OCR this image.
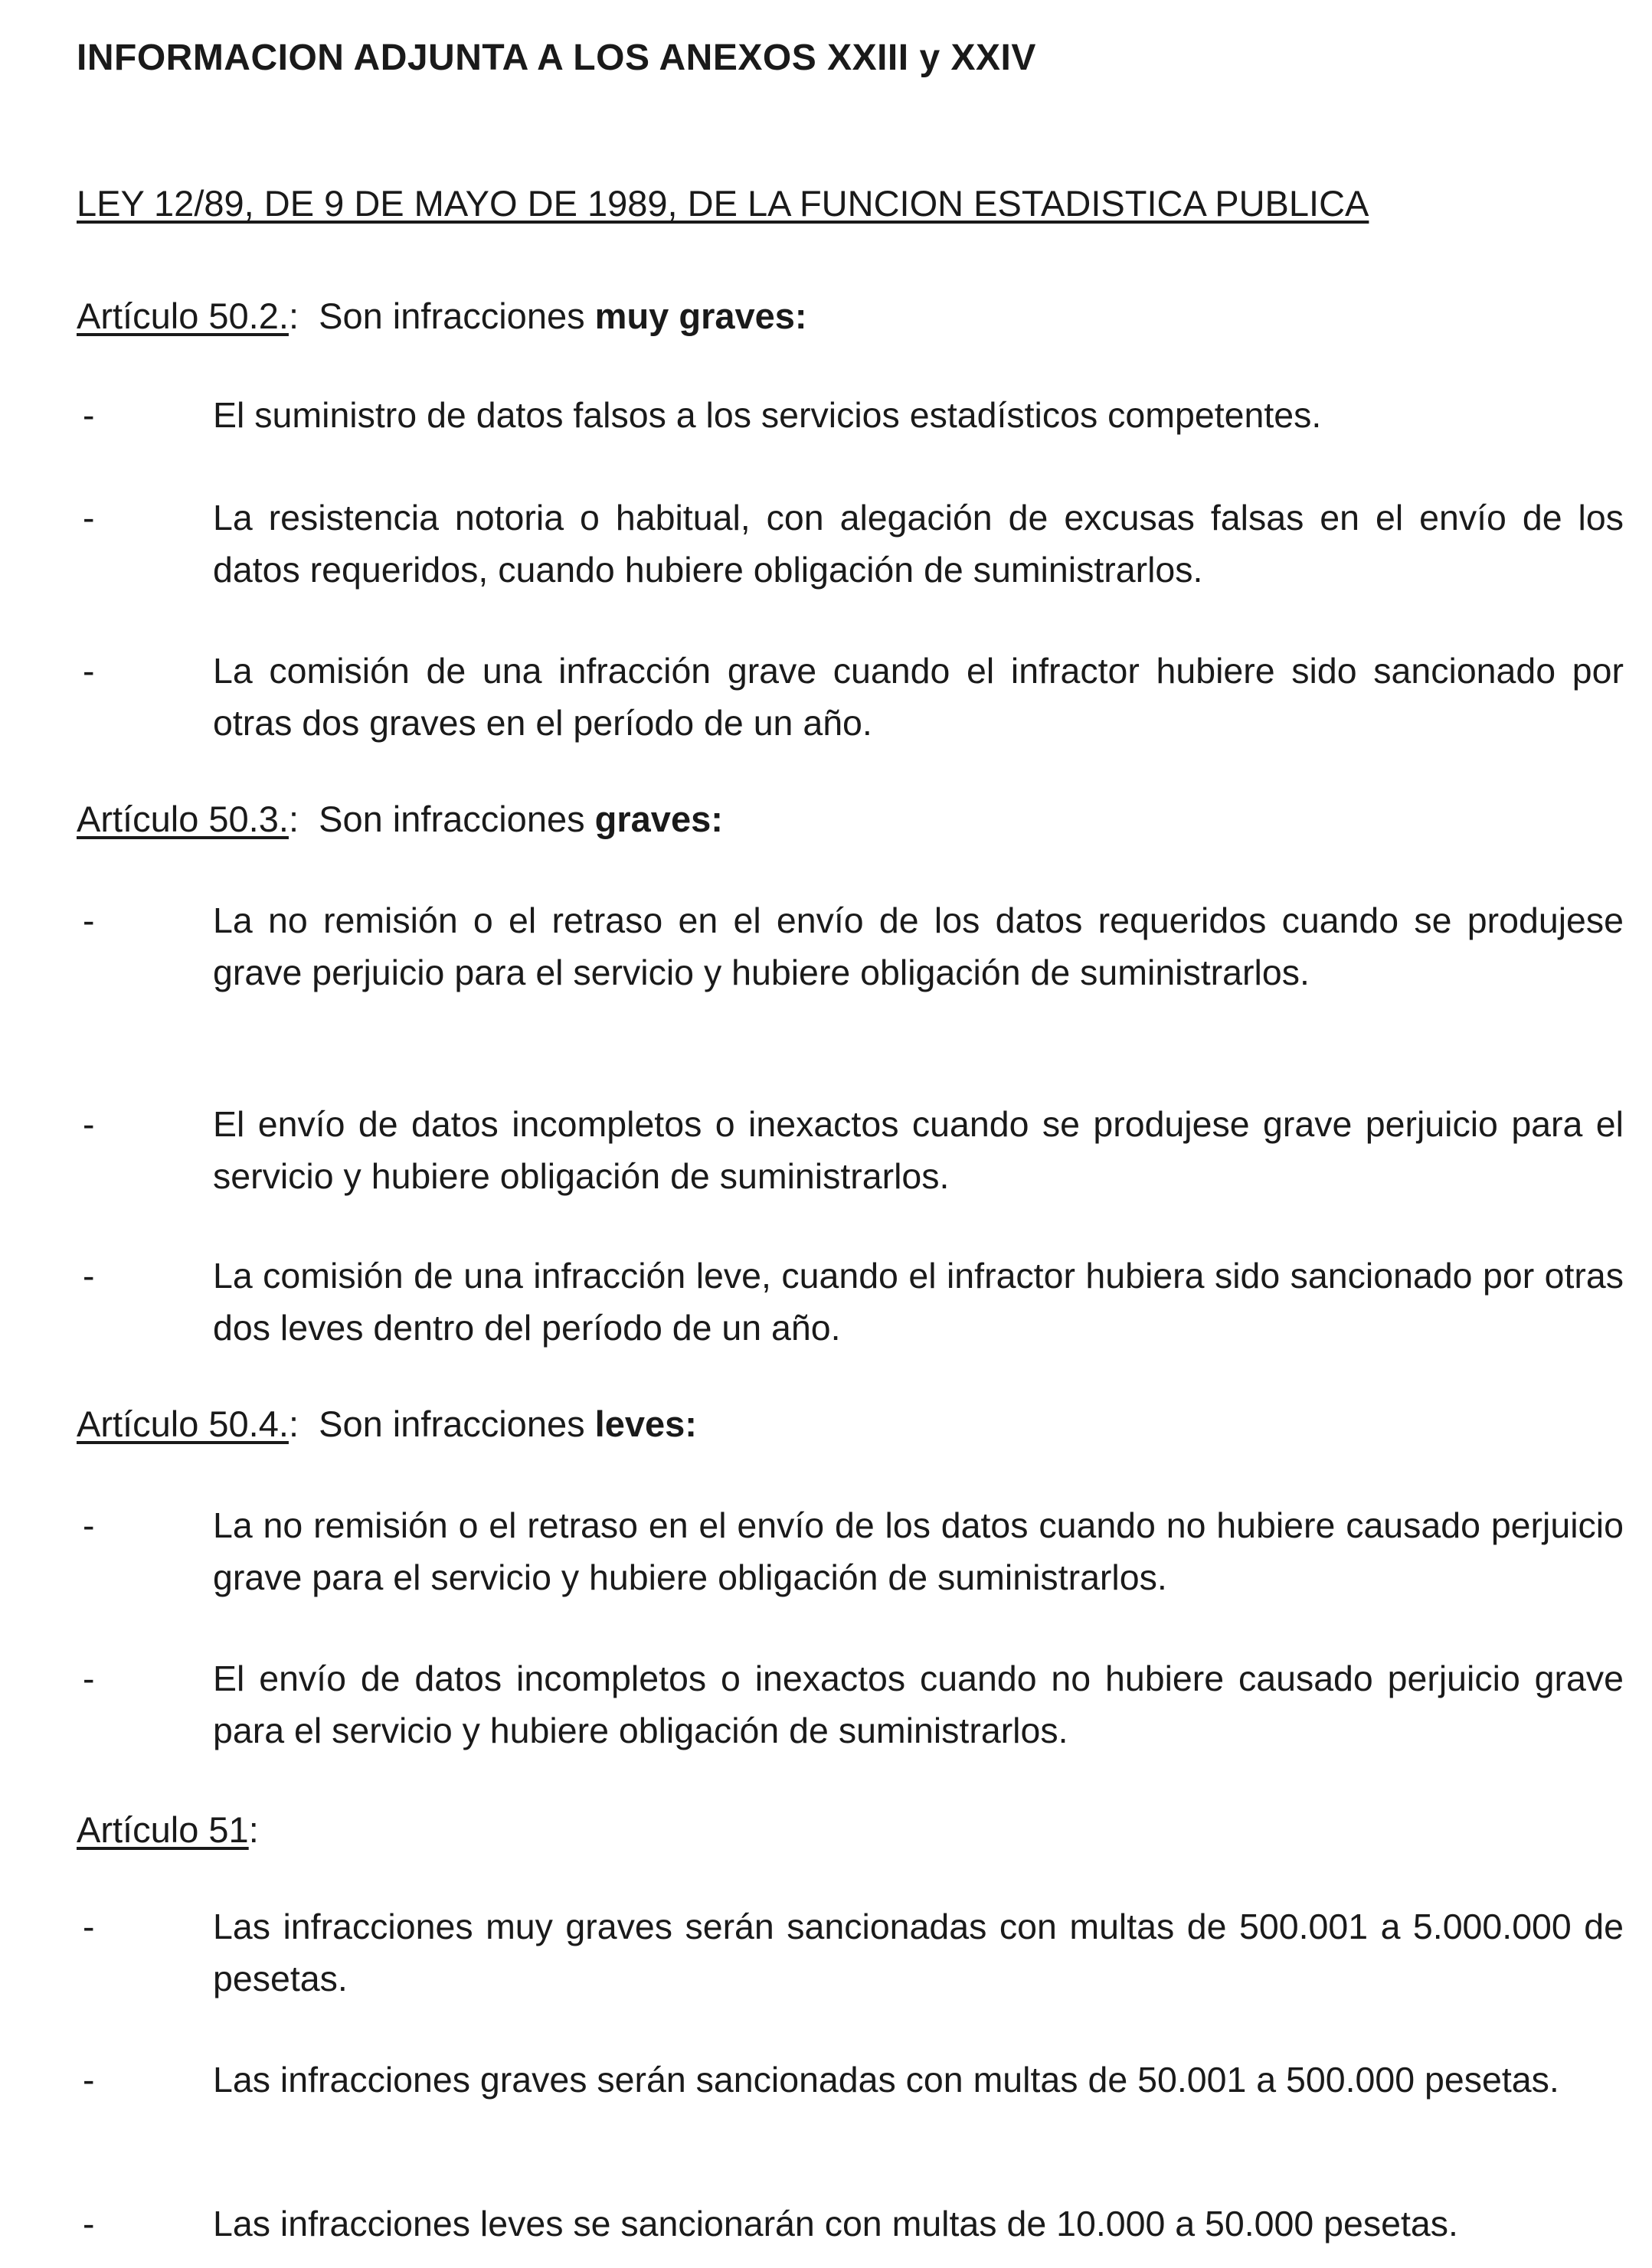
INFORMACION ADJUNTA A LOS ANEXOS XXIII y XXIV
LEY 12/89, DE 9 DE MAYO DE 1989, DE LA FUNCION ESTADISTICA PUBLICA

Artículo 50.2.: Son infracciones muy graves:

-	El suministro de datos falsos a los servicios estadísticos competentes.
-	La resistencia notoria o habitual, con alegación de excusas falsas en el envío de los datos requeridos, cuando hubiere obligación de suministrarlos.
-	La comisión de una infracción grave cuando el infractor hubiere sido sancionado por otras dos graves en el período de un año.

Artículo 50.3.: Son infracciones graves:

-	La no remisión o el retraso en el envío de los datos requeridos cuando se produjese grave perjuicio para el servicio y hubiere obligación de suministrarlos.
-	El envío de datos incompletos o inexactos cuando se produjese grave perjuicio para el servicio y hubiere obligación de suministrarlos.
-	La comisión de una infracción leve, cuando el infractor hubiera sido sancionado por otras dos leves dentro del período de un año.

Artículo 50.4.: Son infracciones leves:

-	La no remisión o el retraso en el envío de los datos cuando no hubiere causado perjuicio grave para el servicio y hubiere obligación de suministrarlos.
-	El envío de datos incompletos o inexactos cuando no hubiere causado perjuicio grave para el servicio y hubiere obligación de suministrarlos.

Artículo 51:

-	Las infracciones muy graves serán sancionadas con multas de 500.001 a 5.000.000 de pesetas.
-	Las infracciones graves serán sancionadas con multas de 50.001 a 500.000 pesetas.
-	Las infracciones leves se sancionarán con multas de 10.000 a 50.000 pesetas.
